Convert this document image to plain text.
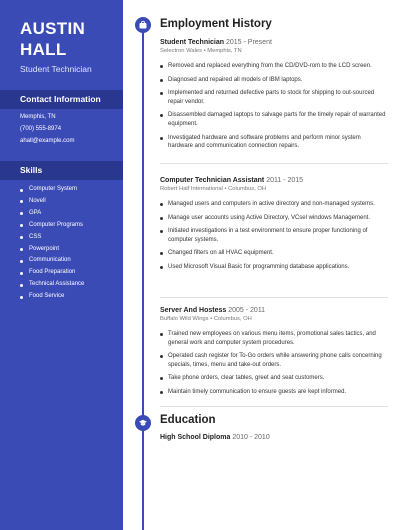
AUSTIN
HALL
Student Technician
Contact Information
Memphis, TN
(700) 555-8974
ahall@example.com
Skills
Computer System
Novell
GPA
Computer Programs
CSS
Powerpoint
Communication
Food Preparation
Technical Assistance
Food Service
Employment History
Student Technician 2015 - Present
Selectron Wales • Memphis, TN
Removed and replaced everything from the CD/DVD-rom to the LCD screen.
Diagnosed and repaired all models of IBM laptops.
Implemented and returned defective parts to stock for shipping to out-sourced repair vendor.
Disassembled damaged laptops to salvage parts for the timely repair of warranted equipment.
Investigated hardware and software problems and perform minor system hardware and communication connection repairs.
Computer Technician Assistant 2011 - 2015
Robert Half International • Columbus, OH
Managed users and computers in active directory and non-managed systems.
Manage user accounts using Active Directory, VCsel windows Management.
Initiated investigations in a test environment to ensure proper functioning of computer systems.
Changed filters on all HVAC equipment.
Used Microsoft Visual Basic for programming database applications.
Server And Hostess 2005 - 2011
Buffalo Wild Wings • Columbus, OH
Trained new employees on various menu items, promotional sales tactics, and general work and computer system procedures.
Operated cash register for To-Go orders while answering phone calls concerning specials, times, menu and take-out orders.
Take phone orders, clear tables, greet and seat customers.
Maintain timely communication to ensure guests are kept informed.
Education
High School Diploma 2010 - 2010
